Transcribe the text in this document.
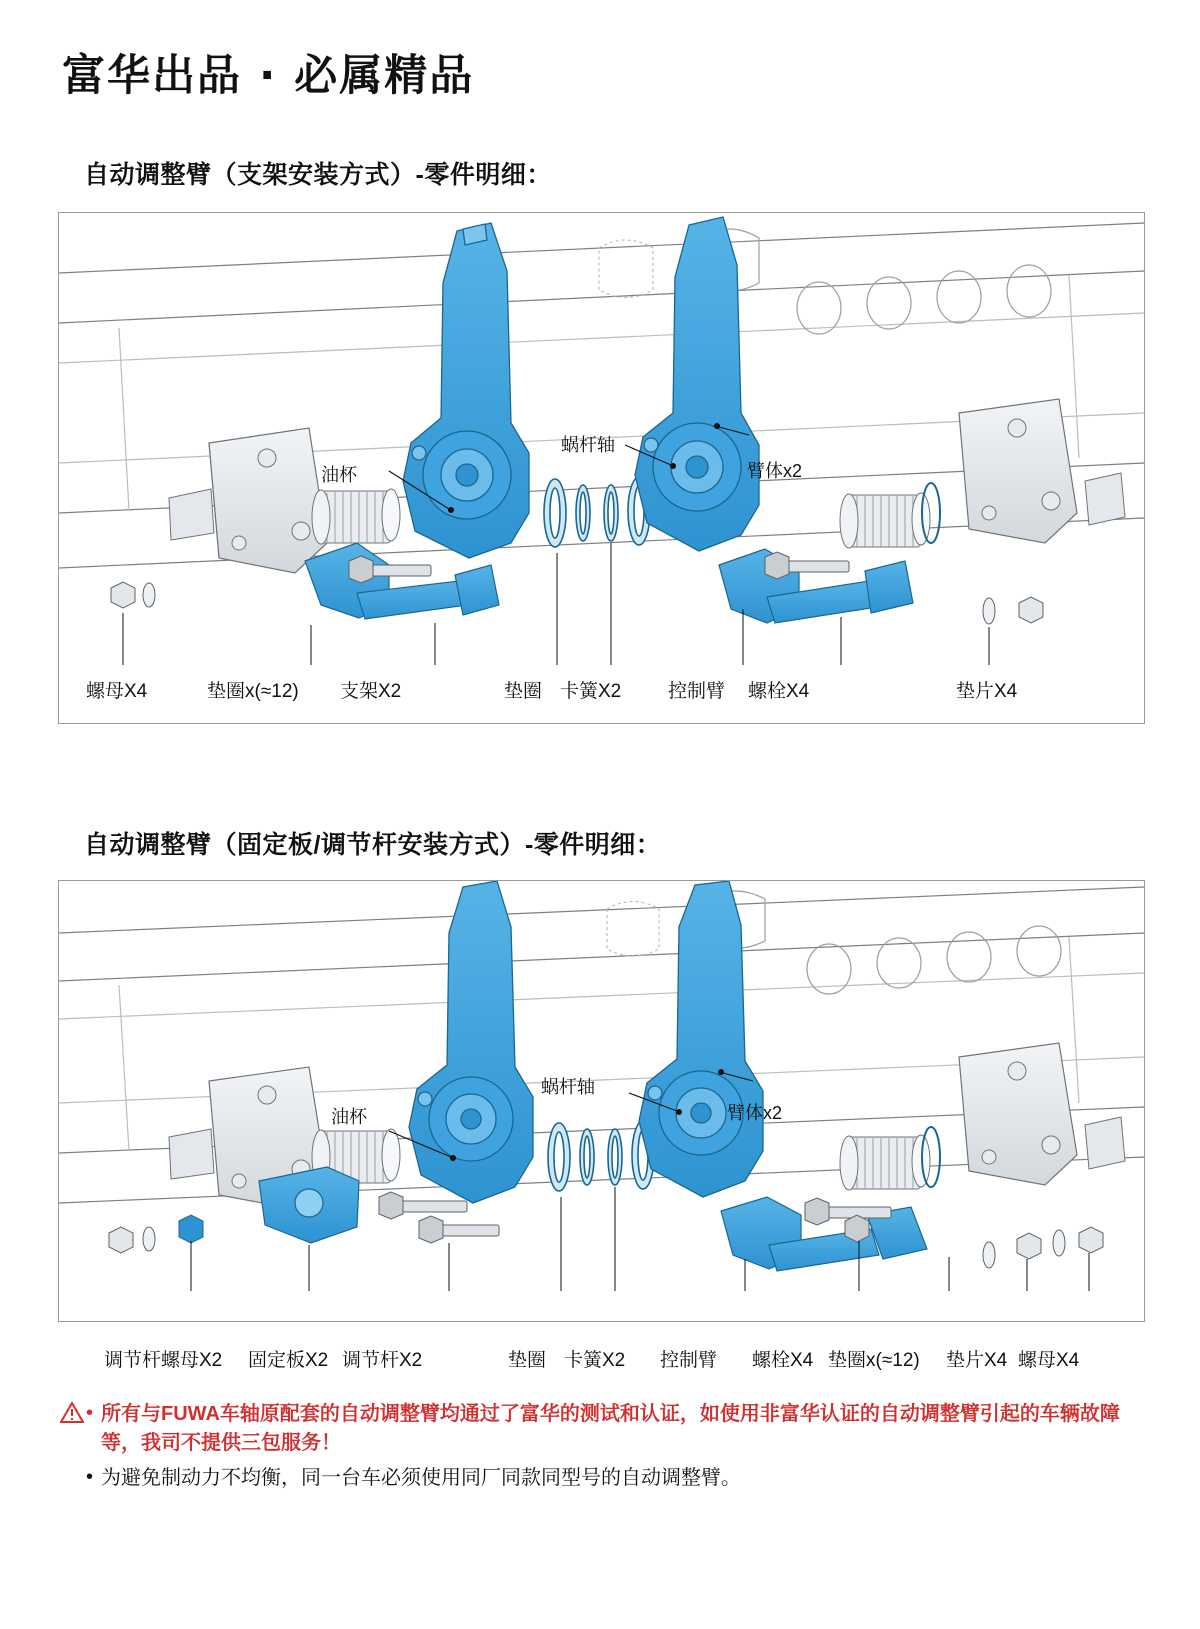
富华出品 · 必属精品
自动调整臂（支架安装方式）-零件明细：
油杯
蜗杆轴
臂体x2
螺母X4	垫圈x(≈12) 支架X2	垫圈 卡簧X2 控制臂 螺栓X4	垫片X4
自动调整臂（固定板/调节杆安装方式）-零件明细：
油杯
蜗杆轴
臂体x2
调节杆螺母X2 固定板X2 调节杆X2	垫圈 卡簧X2 控制臂 螺栓X4 垫圈x(≈12) 垫片X4 螺母X4
• 所有与FUWA车轴原配套的自动调整臂均通过了富华的测试和认证，如使用非富华认证的自动调整臂引起的车辆故障等，我司不提供三包服务！
• 为避免制动力不均衡，同一台车必须使用同厂同款同型号的自动调整臂。
